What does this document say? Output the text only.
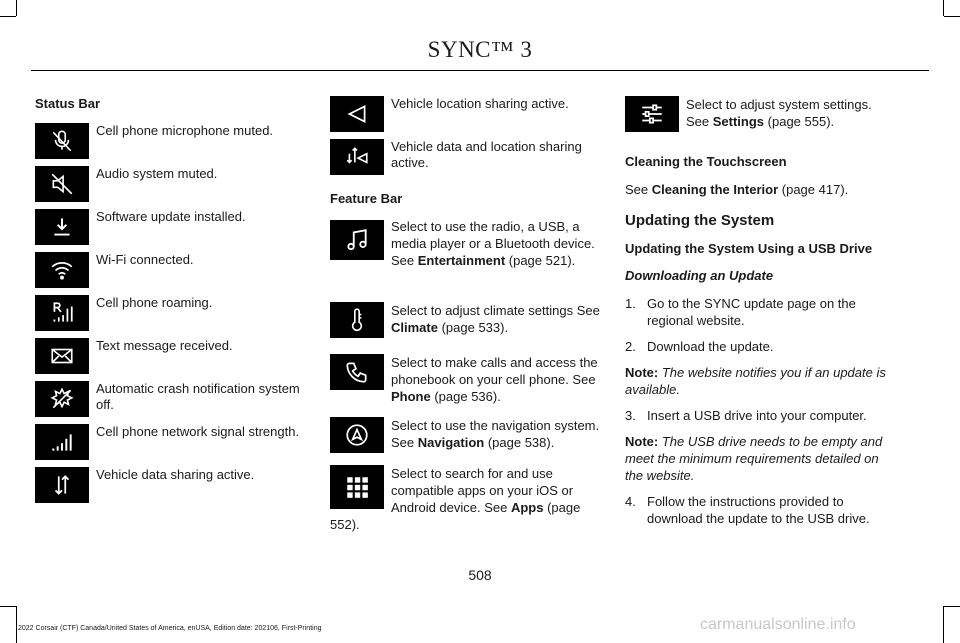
SYNC™ 3
Status Bar
Cell phone microphone muted.
Audio system muted.
Software update installed.
Wi-Fi connected.
Cell phone roaming.
Text message received.
Automatic crash notification system off.
Cell phone network signal strength.
Vehicle data sharing active.
Vehicle location sharing active.
Vehicle data and location sharing active.
Feature Bar
Select to use the radio, a USB, a media player or a Bluetooth device. See Entertainment (page 521).
Select to adjust climate settings See Climate (page 533).
Select to make calls and access the phonebook on your cell phone. See Phone (page 536).
Select to use the navigation system. See Navigation (page 538).
Select to search for and use compatible apps on your iOS or Android device. See Apps (page 552).
Select to adjust system settings. See Settings (page 555).
Cleaning the Touchscreen
See Cleaning the Interior (page 417).
Updating the System
Updating the System Using a USB Drive
Downloading an Update
1. Go to the SYNC update page on the regional website.
2. Download the update.
Note: The website notifies you if an update is available.
3. Insert a USB drive into your computer.
Note: The USB drive needs to be empty and meet the minimum requirements detailed on the website.
4. Follow the instructions provided to download the update to the USB drive.
508
2022 Corsair (CTF) Canada/United States of America, enUSA, Edition date: 202106, First-Printing	carmanualsonline.info
